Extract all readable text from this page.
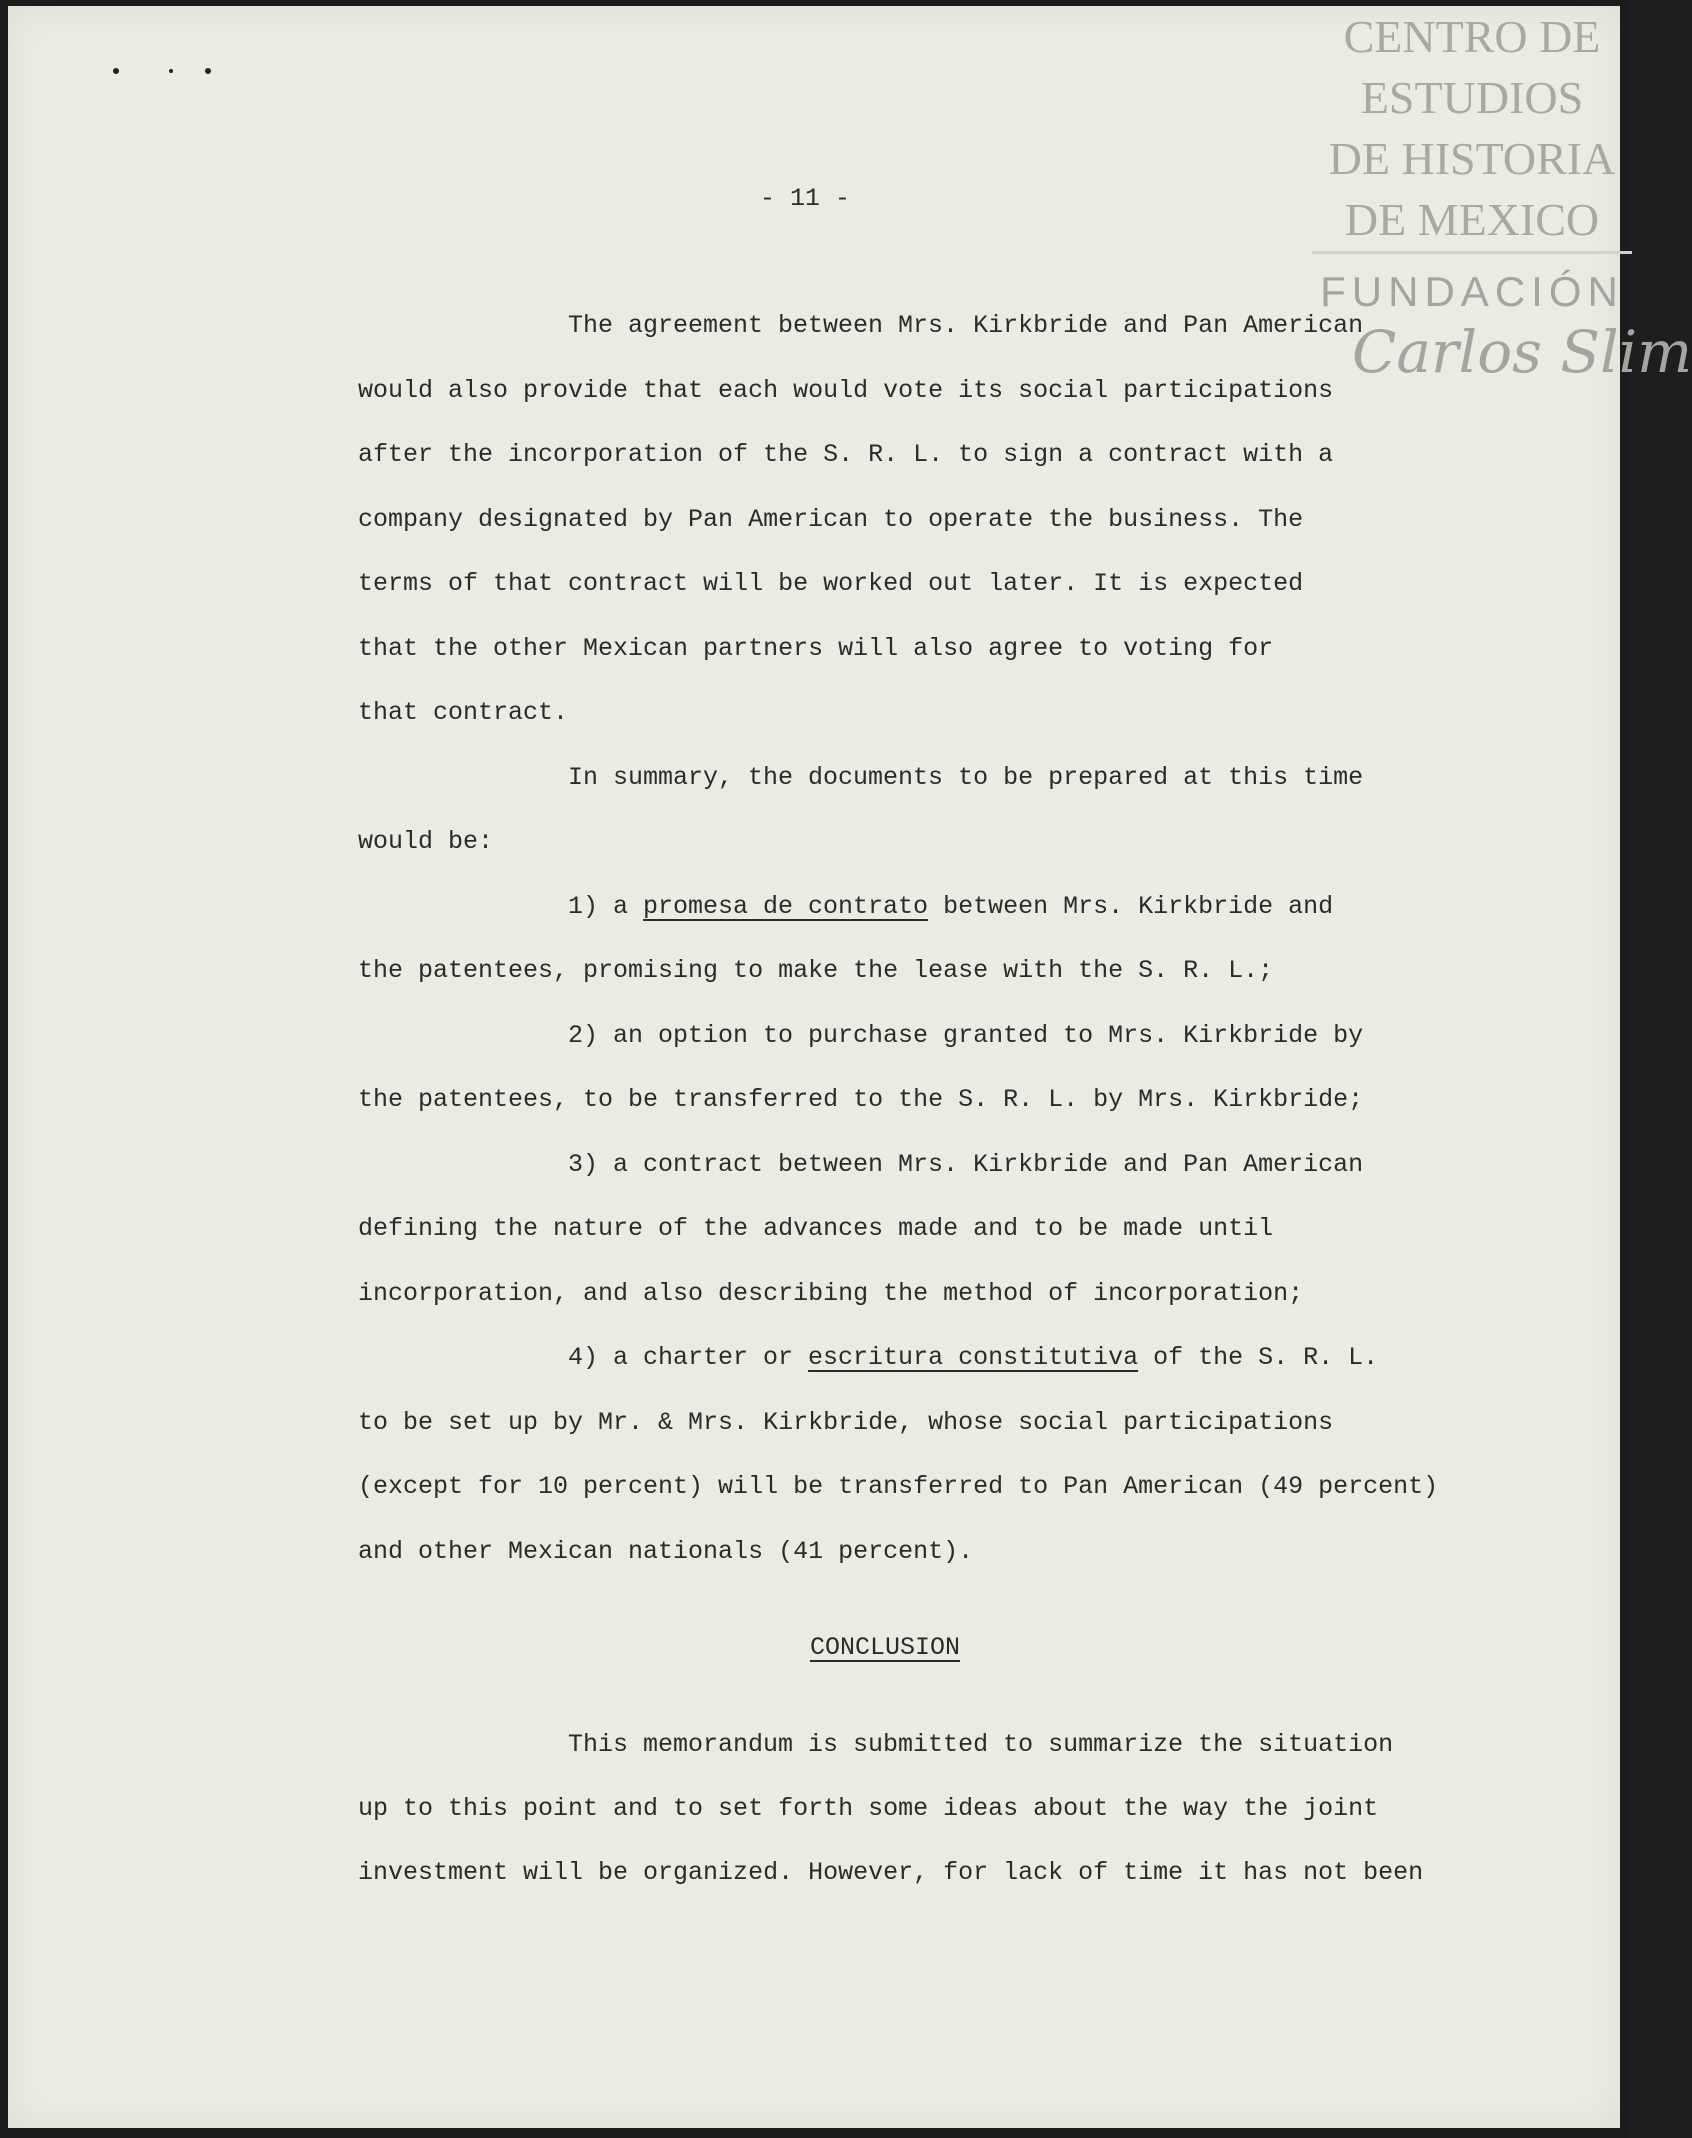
CENTRO DE
ESTUDIOS
DE HISTORIA
DE MEXICO
FUNDACIÓN
Carlos Slim
- 11 -
The agreement between Mrs. Kirkbride and Pan American
would also provide that each would vote its social participations
after the incorporation of the S. R. L. to sign a contract with a
company designated by Pan American to operate the business. The
terms of that contract will be worked out later. It is expected
that the other Mexican partners will also agree to voting for
that contract.
In summary, the documents to be prepared at this time
would be:
1) a promesa de contrato between Mrs. Kirkbride and
the patentees, promising to make the lease with the S. R. L.;
2) an option to purchase granted to Mrs. Kirkbride by
the patentees, to be transferred to the S. R. L. by Mrs. Kirkbride;
3) a contract between Mrs. Kirkbride and Pan American
defining the nature of the advances made and to be made until
incorporation, and also describing the method of incorporation;
4) a charter or escritura constitutiva of the S. R. L.
to be set up by Mr. & Mrs. Kirkbride, whose social participations
(except for 10 percent) will be transferred to Pan American (49 percent)
and other Mexican nationals (41 percent).
CONCLUSION
This memorandum is submitted to summarize the situation
up to this point and to set forth some ideas about the way the joint
investment will be organized. However, for lack of time it has not been
